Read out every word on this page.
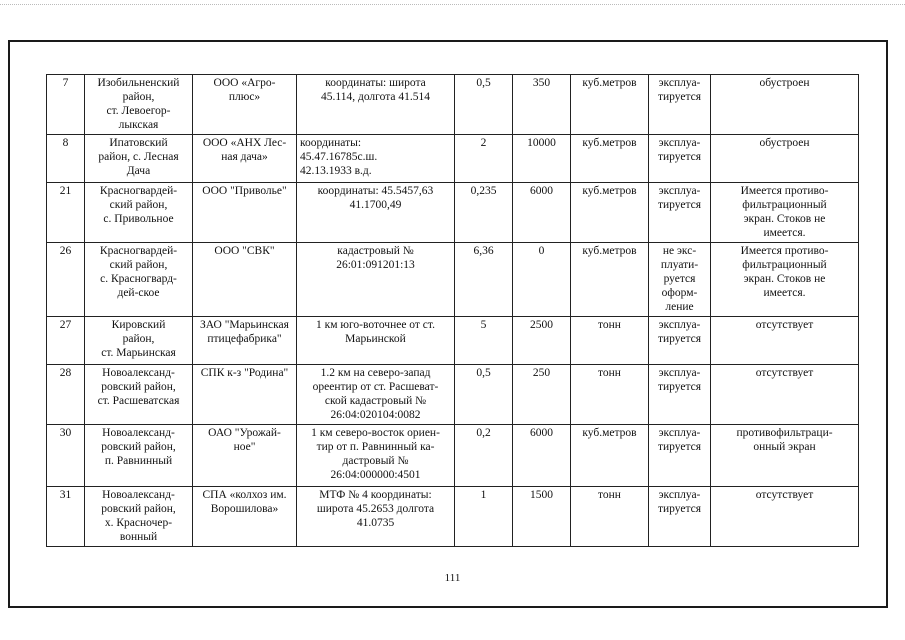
7	Изобильненский
район,
ст. Левоегор-
лыкская	ООО «Агро-
плюс»	координаты: широта
45.114, долгота 41.514	0,5	350	куб.метров	эксплуа-
тируется	обустроен
8	Ипатовский
район, с. Лесная
Дача	ООО «АНХ Лес-
ная дача»	координаты:
45.47.16785с.ш.
42.13.1933 в.д.	2	10000	куб.метров	эксплуа-
тируется	обустроен
21	Красногвардей-
ский район,
с. Привольное	ООО "Приволье"	координаты: 45.5457,63
41.1700,49	0,235	6000	куб.метров	эксплуа-
тируется	Имеется противо-
фильтрационный
экран. Стоков не
имеется.
26	Красногвардей-
ский район,
с. Красногвард-
дей-ское	ООО "СВК"	кадастровый №
26:01:091201:13	6,36	0	куб.метров	не экс-
плуати-
руется
оформ-
ление	Имеется противо-
фильтрационный
экран. Стоков не
имеется.
27	Кировский
район,
ст. Марьинская	ЗАО "Марьинская
птицефабрика"	1 км юго-воточнее от ст.
Марьинской	5	2500	тонн	эксплуа-
тируется	отсутствует
28	Новоалександ-
ровский район,
ст. Расшеватская	СПК к-з "Родина"	1.2 км на северо-запад
ореентир от ст. Расшеват-
ской кадастровый №
26:04:020104:0082	0,5	250	тонн	эксплуа-
тируется	отсутствует
30	Новоалександ-
ровский район,
п. Равнинный	ОАО "Урожай-
ное"	1 км северо-восток ориен-
тир от п. Равнинный ка-
дастровый №
26:04:000000:4501	0,2	6000	куб.метров	эксплуа-
тируется	противофильтраци-
онный экран
31	Новоалександ-
ровский район,
х. Красночер-
вонный	СПА «колхоз им.
Ворошилова»	МТФ № 4 координаты:
широта 45.2653 долгота
41.0735	1	1500	тонн	эксплуа-
тируется	отсутствует
111
